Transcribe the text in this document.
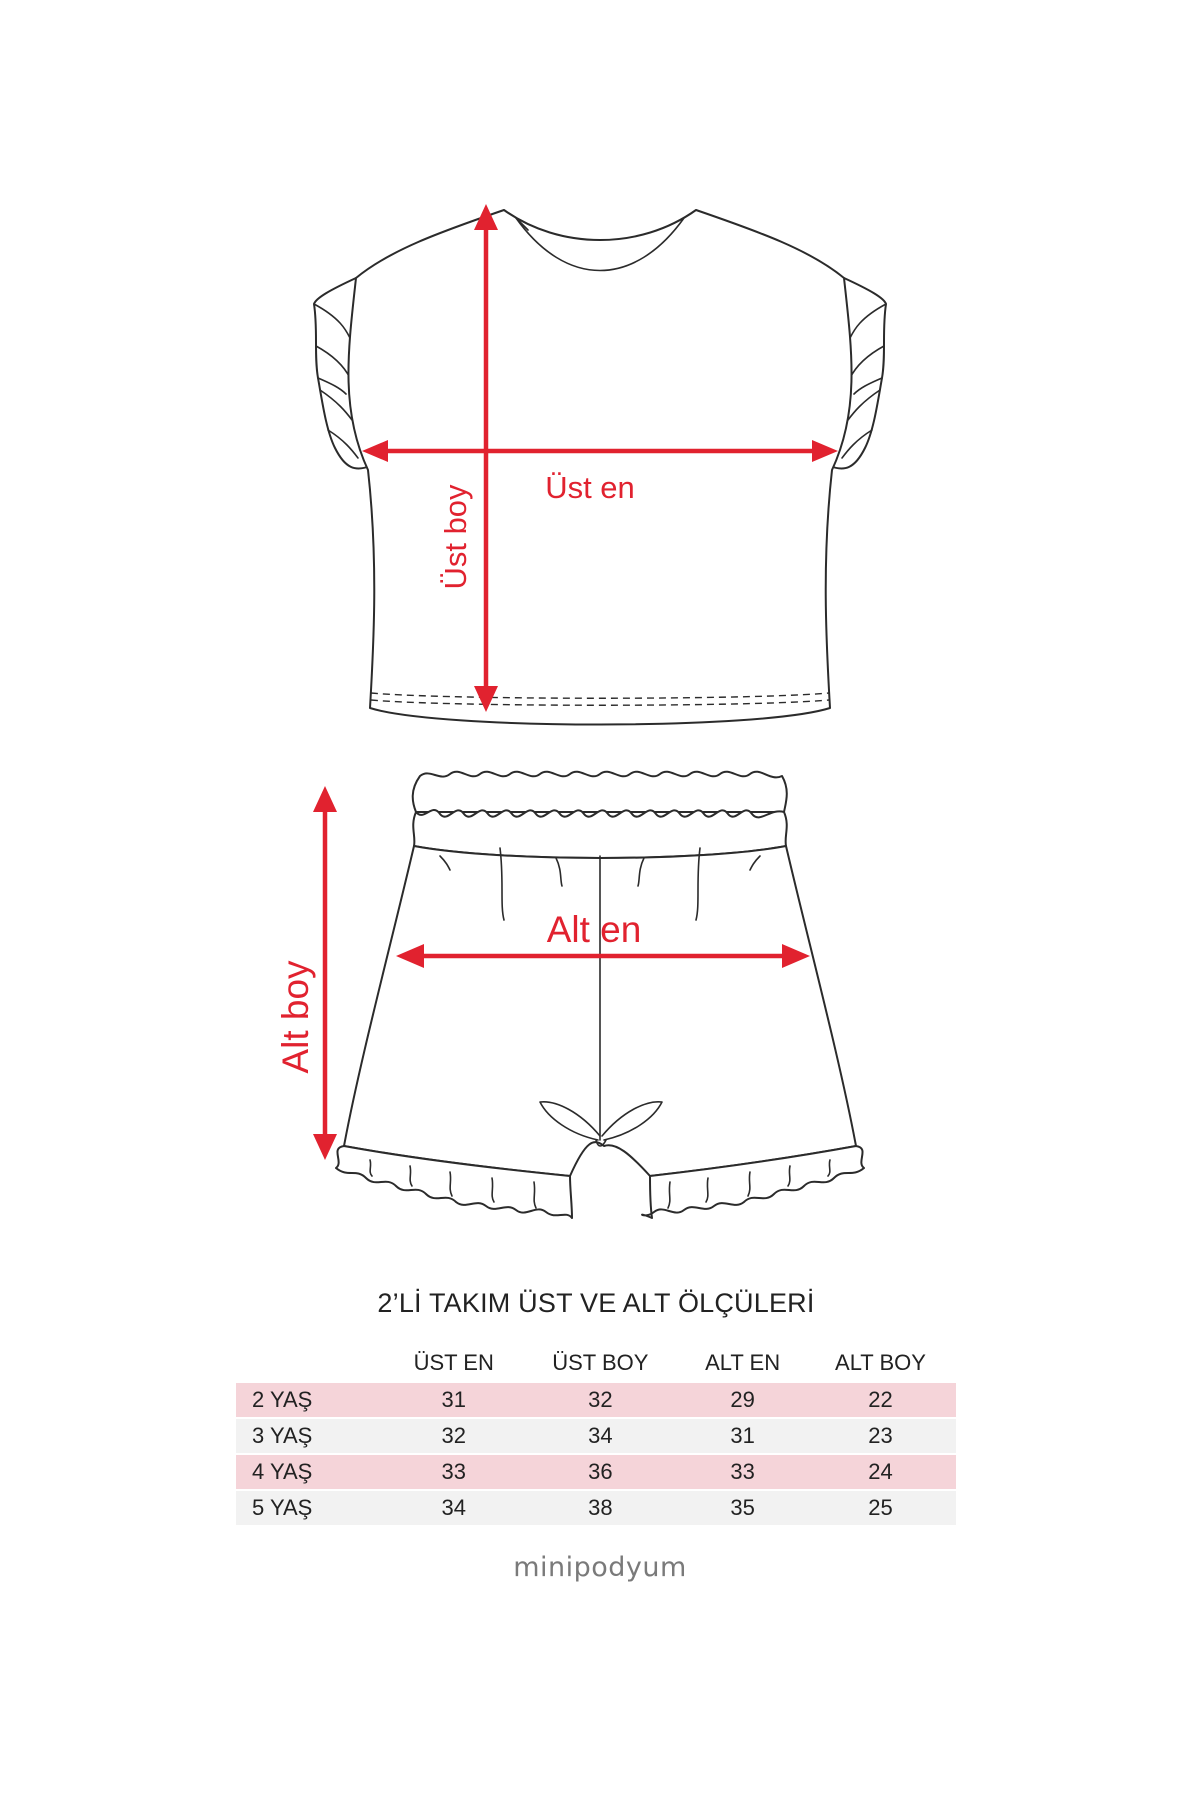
Üst boy Üst en
Alt boy
Alt en
2’Lİ TAKIM ÜST VE ALT ÖLÇÜLERİ
	ÜST EN	ÜST BOY	ALT EN	ALT BOY
2 YAŞ	31	32	29	22
3 YAŞ	32	34	31	23
4 YAŞ	33	36	33	24
5 YAŞ	34	38	35	25
minipodyum
